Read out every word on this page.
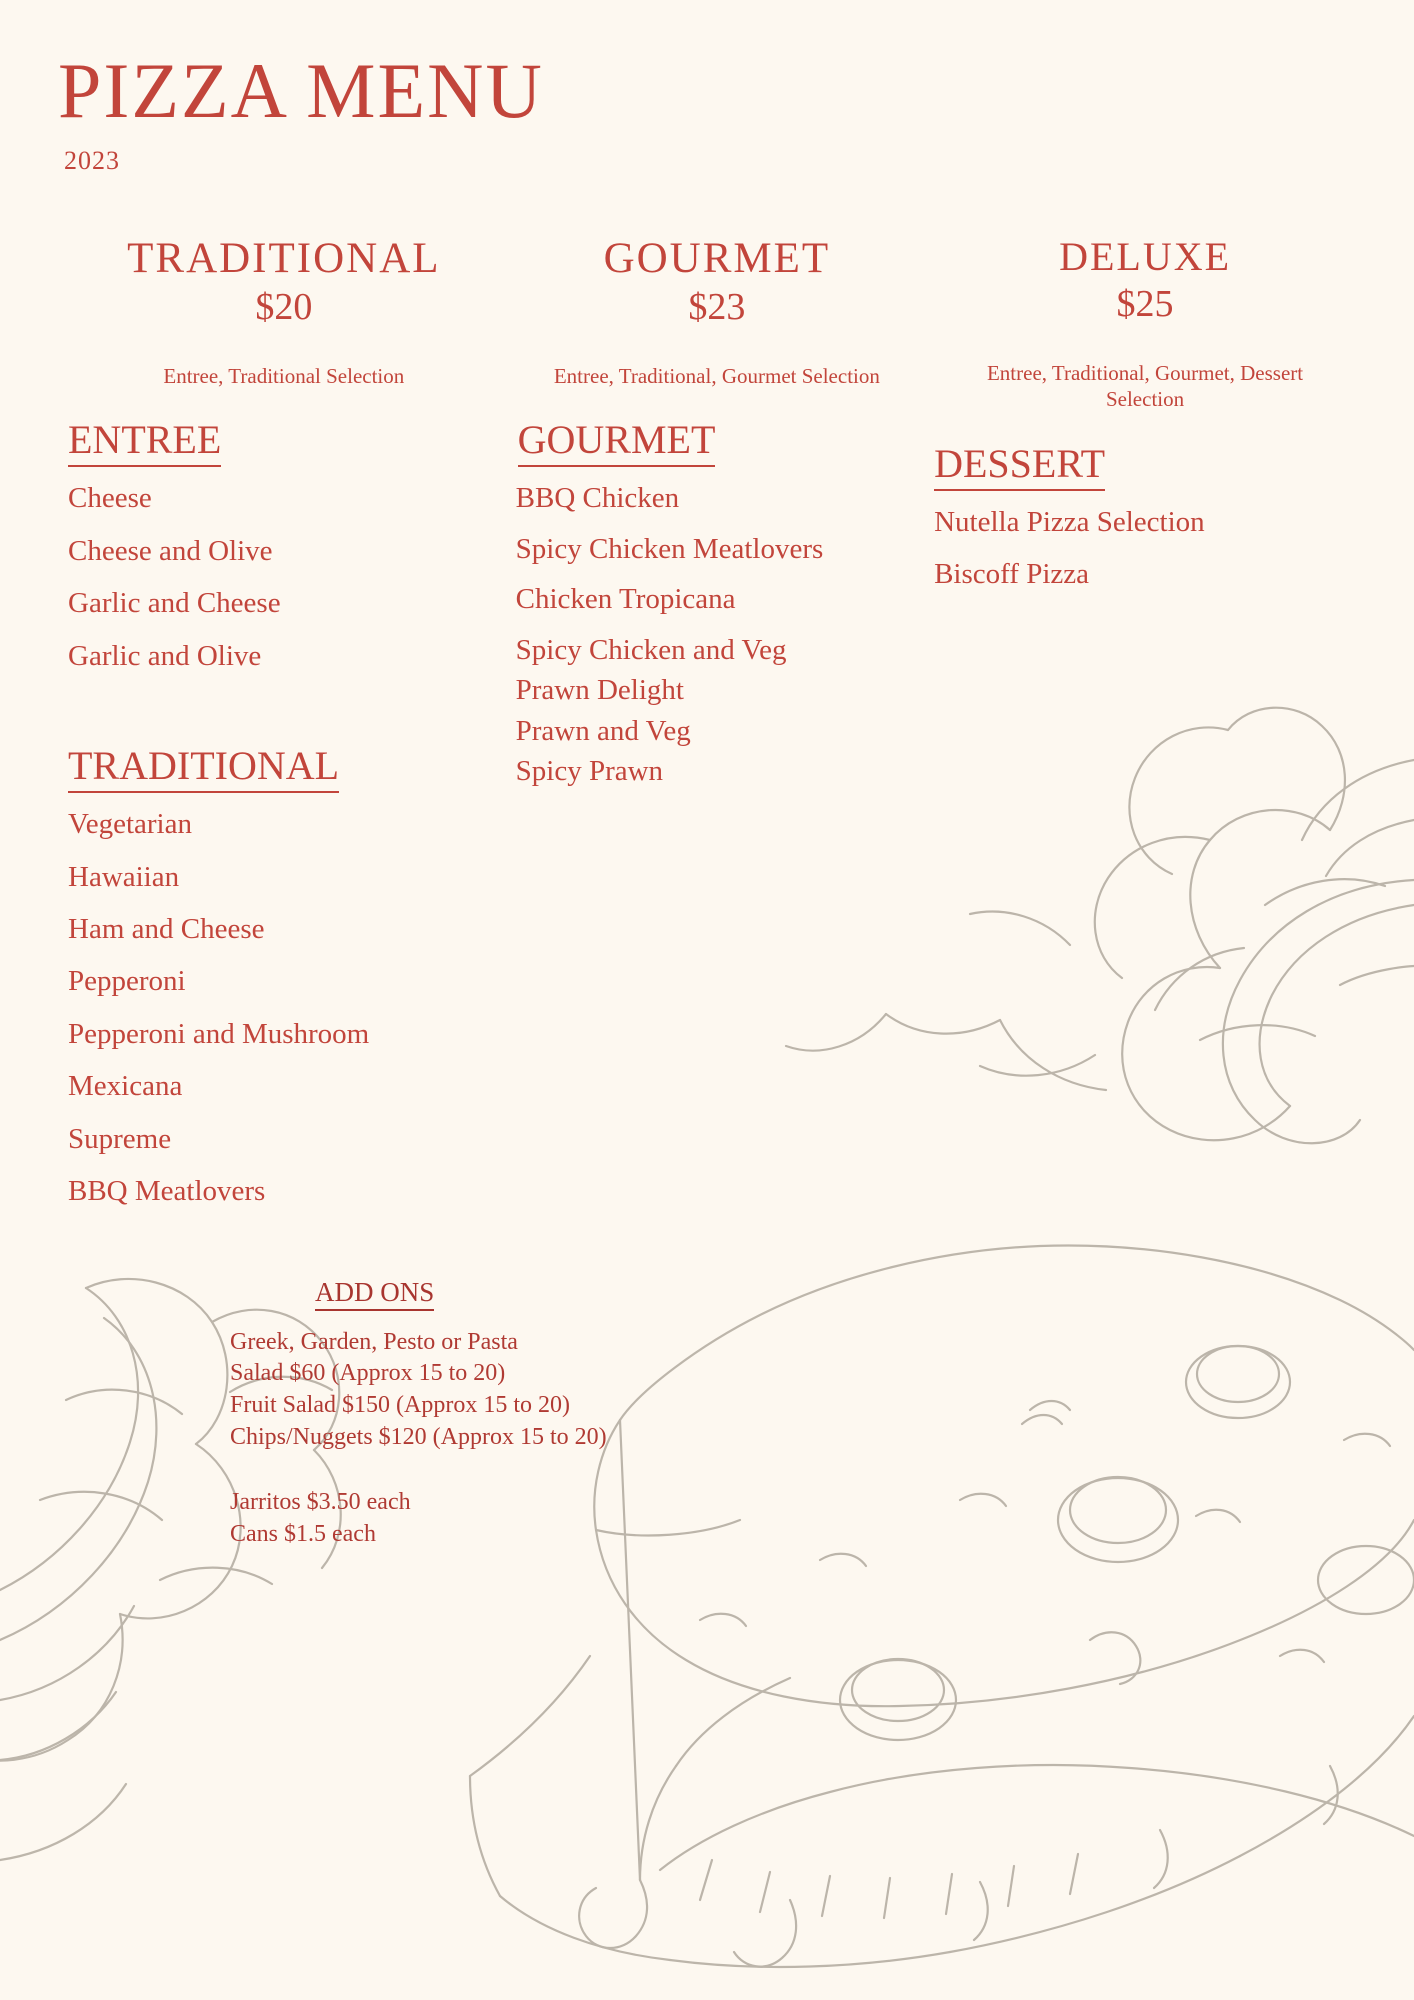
PIZZA MENU
2023
TRADITIONAL
$20
Entree, Traditional Selection
ENTREE
Cheese
Cheese and Olive
Garlic and Cheese
Garlic and Olive
TRADITIONAL
Vegetarian
Hawaiian
Ham and Cheese
Pepperoni
Pepperoni and Mushroom
Mexicana
Supreme
BBQ Meatlovers
GOURMET
$23
Entree, Traditional, Gourmet Selection
GOURMET
BBQ Chicken
Spicy Chicken Meatlovers
Chicken Tropicana
Spicy Chicken and Veg
Prawn Delight
Prawn and Veg
Spicy Prawn
DELUXE
$25
Entree, Traditional, Gourmet, Dessert Selection
DESSERT
Nutella Pizza Selection
Biscoff Pizza
ADD ONS
Greek, Garden, Pesto or Pasta
Salad $60 (Approx 15 to 20)
Fruit Salad $150 (Approx 15 to 20)
Chips/Nuggets $120 (Approx 15 to 20)
Jarritos $3.50 each
Cans $1.5 each
